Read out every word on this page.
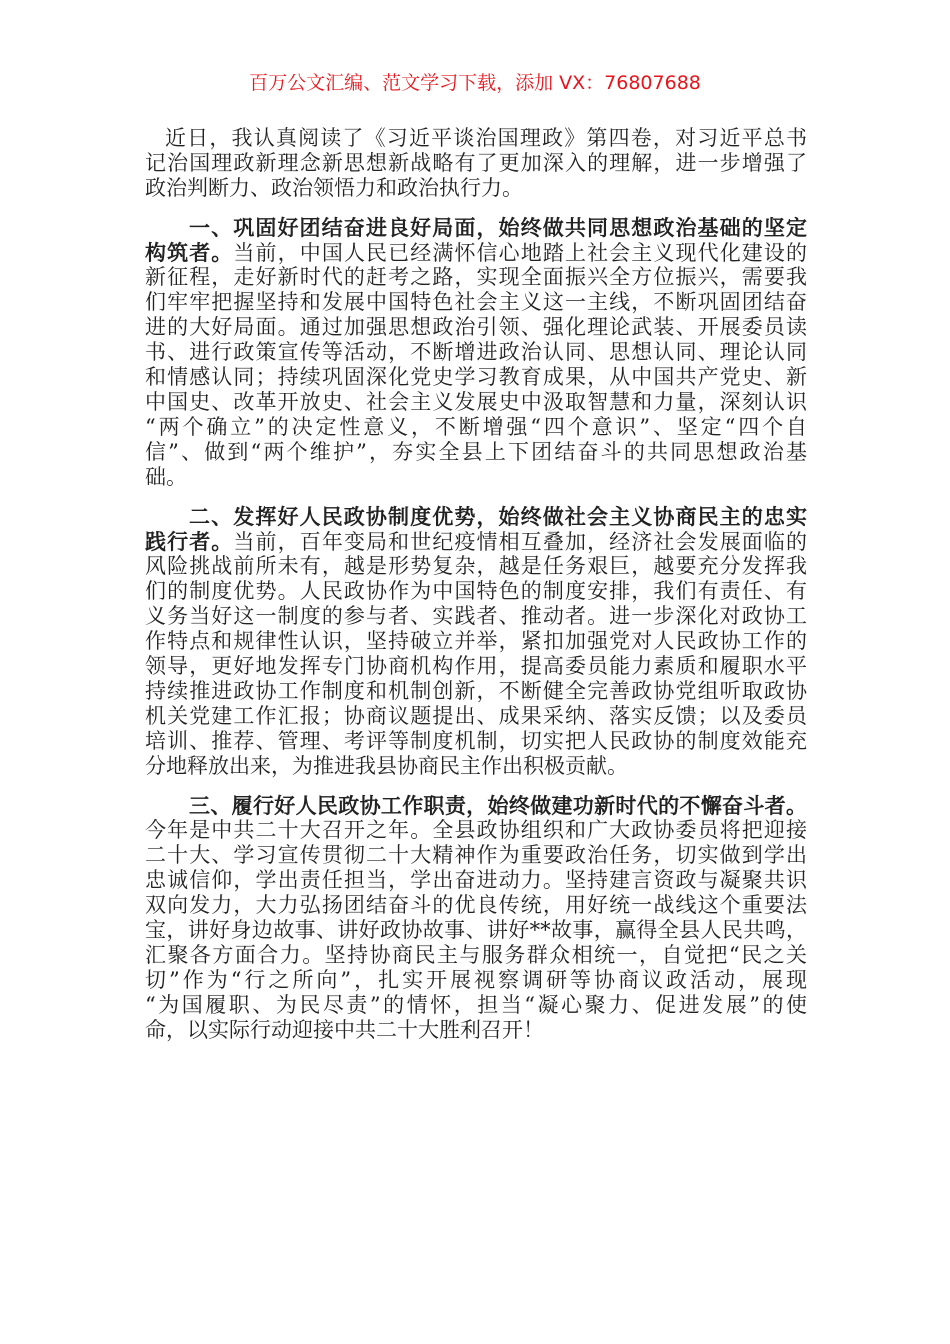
百万公文汇编、范文学习下载，添加 VX：76807688
近日，我认真阅读了《习近平谈治国理政》第四卷，对习近平总书
记治国理政新理念新思想新战略有了更加深入的理解，进一步增强了
政治判断力、政治领悟力和政治执行力。
一、巩固好团结奋进良好局面，始终做共同思想政治基础的坚定
构筑者。当前，中国人民已经满怀信心地踏上社会主义现代化建设的
新征程，走好新时代的赶考之路，实现全面振兴全方位振兴，需要我
们牢牢把握坚持和发展中国特色社会主义这一主线，不断巩固团结奋
进的大好局面。通过加强思想政治引领、强化理论武装、开展委员读
书、进行政策宣传等活动，不断增进政治认同、思想认同、理论认同
和情感认同；持续巩固深化党史学习教育成果，从中国共产党史、新
中国史、改革开放史、社会主义发展史中汲取智慧和力量，深刻认识
“两个确立”的决定性意义，不断增强“四个意识”、坚定“四个自
信”、做到“两个维护”，夯实全县上下团结奋斗的共同思想政治基
础。
二、发挥好人民政协制度优势，始终做社会主义协商民主的忠实
践行者。当前，百年变局和世纪疫情相互叠加，经济社会发展面临的
风险挑战前所未有，越是形势复杂，越是任务艰巨，越要充分发挥我
们的制度优势。人民政协作为中国特色的制度安排，我们有责任、有
义务当好这一制度的参与者、实践者、推动者。进一步深化对政协工
作特点和规律性认识，坚持破立并举，紧扣加强党对人民政协工作的
领导，更好地发挥专门协商机构作用，提高委员能力素质和履职水平
持续推进政协工作制度和机制创新，不断健全完善政协党组听取政协
机关党建工作汇报；协商议题提出、成果采纳、落实反馈；以及委员
培训、推荐、管理、考评等制度机制，切实把人民政协的制度效能充
分地释放出来，为推进我县协商民主作出积极贡献。
三、履行好人民政协工作职责，始终做建功新时代的不懈奋斗者。
今年是中共二十大召开之年。全县政协组织和广大政协委员将把迎接
二十大、学习宣传贯彻二十大精神作为重要政治任务，切实做到学出
忠诚信仰，学出责任担当，学出奋进动力。坚持建言资政与凝聚共识
双向发力，大力弘扬团结奋斗的优良传统，用好统一战线这个重要法
宝，讲好身边故事、讲好政协故事、讲好**故事，赢得全县人民共鸣，
汇聚各方面合力。坚持协商民主与服务群众相统一，自觉把“民之关
切”作为“行之所向”，扎实开展视察调研等协商议政活动，展现
“为国履职、为民尽责”的情怀，担当“凝心聚力、促进发展”的使
命，以实际行动迎接中共二十大胜利召开！
